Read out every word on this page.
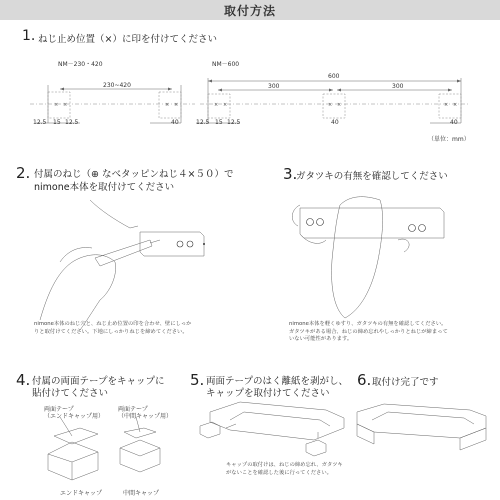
取付方法
1. ねじ止め位置（×）に印を付けてください
NM－230・420	NM－600
× ×	× ×	× ×	× ×	× ×
230~420
12.5 15 12.5	40
600
300	300
12.5 15 12.5	40	40
（単位：mm）
2. 付属のねじ（⊕ なべタッピンねじ４×５０）で
nimone本体を取付けてください
nimone本体のねじ穴と、ねじ止め位置の印を合わせ、壁にしっかりと取付けてください。下地にしっかりねじを締めてください。
3.
ガタツキの有無を確認してください
nimone本体を軽くゆすり、ガタツキの有無を確認してください。ガタツキがある場合、ねじの締め忘れやしっかりとねじが締まっていない可能性があります。
4. 付属の両面テープをキャップに
貼付けてください
両面テープ
（エンドキャップ用）
両面テープ
（中間キャップ用）
エンドキャップ	中間キャップ
5. 両面テープのはく離紙を剥がし、
キャップを取付けてください
キャップの取付けは、ねじの締め忘れ、ガタツキがないことを確認した後に行ってください。
6. 取付け完了です
